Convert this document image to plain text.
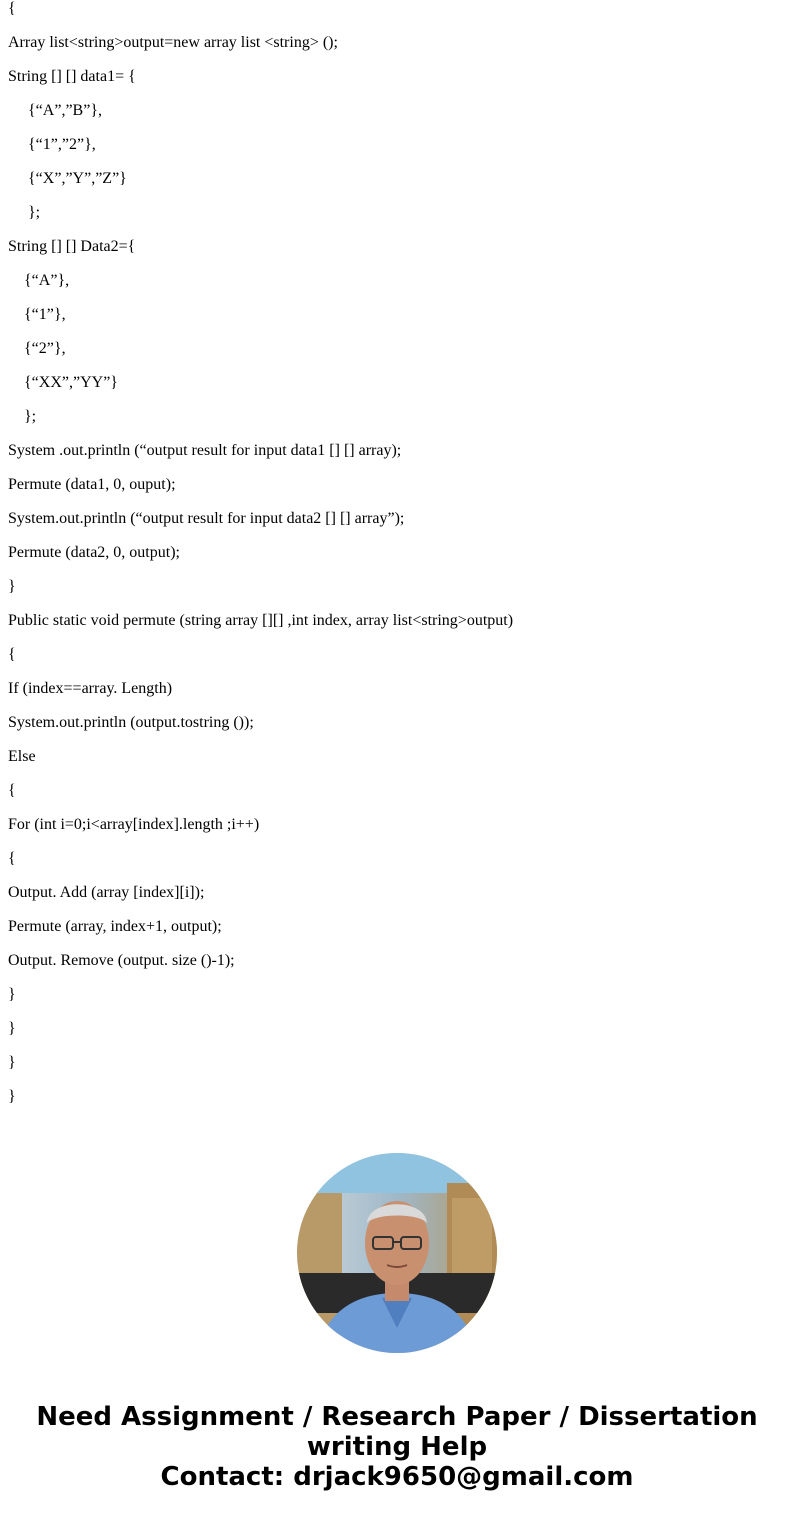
{
Array list<string>output=new array list <string> ();
String [] [] data1= {
{“A”,”B”},
{“1”,”2”},
{“X”,”Y”,”Z”}
};
String [] [] Data2={
{“A”},
{“1”},
{“2”},
{“XX”,”YY”}
};
System .out.println (“output result for input data1 [] [] array);
Permute (data1, 0, ouput);
System.out.println (“output result for input data2 [] [] array”);
Permute (data2, 0, output);
}
Public static void permute (string array [][] ,int index, array list<string>output)
{
If (index==array. Length)
System.out.println (output.tostring ());
Else
{
For (int i=0;i<array[index].length ;i++)
{
Output. Add (array [index][i]);
Permute (array, index+1, output);
Output. Remove (output. size ()-1);
}
}
}
}
Need Assignment / Research Paper / Dissertation
writing Help
Contact: drjack9650@gmail.com
